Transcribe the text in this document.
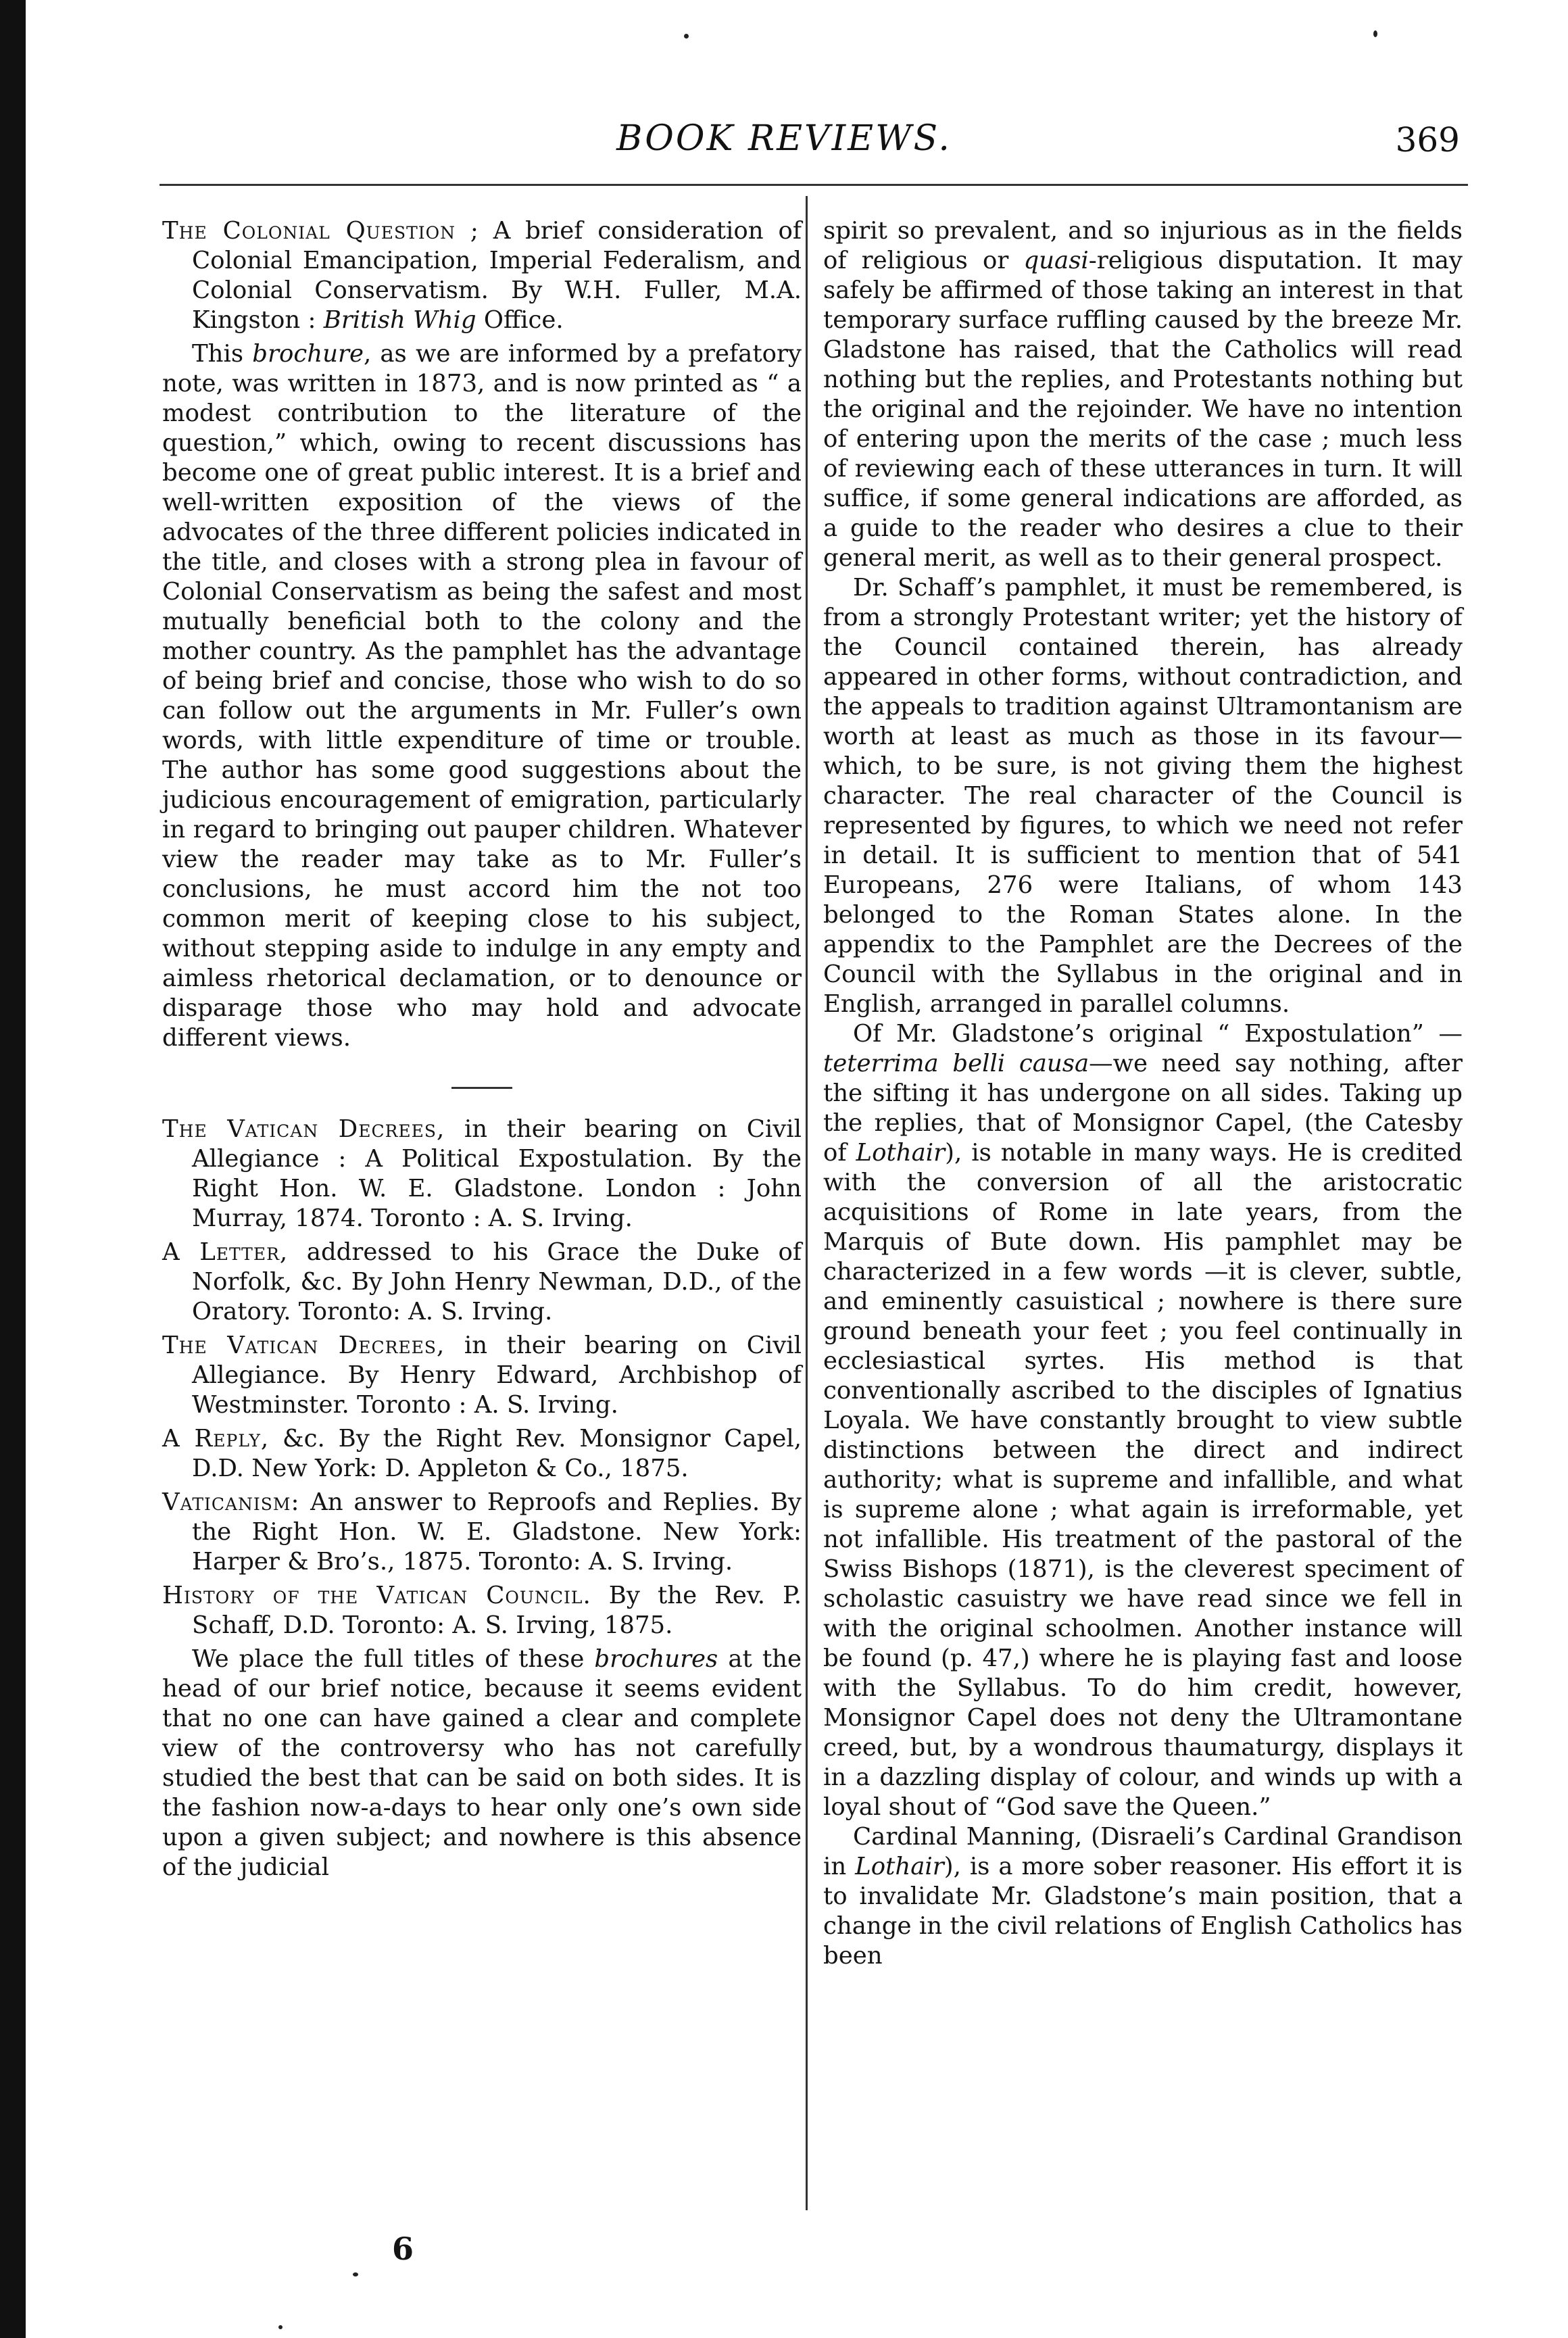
BOOK REVIEWS.	369
The Colonial Question ; A brief consideration of Colonial Emancipation, Imperial Federalism, and Colonial Conservatism. By W.H. Fuller, M.A. Kingston : British Whig Office.

This brochure, as we are informed by a prefatory note, was written in 1873, and is now printed as “ a modest contribution to the literature of the question,” which, owing to recent discussions has become one of great public interest. It is a brief and well-written exposition of the views of the advocates of the three different policies indicated in the title, and closes with a strong plea in favour of Colonial Conservatism as being the safest and most mutually beneficial both to the colony and the mother country. As the pamphlet has the advantage of being brief and concise, those who wish to do so can follow out the arguments in Mr. Fuller’s own words, with little expenditure of time or trouble. The author has some good suggestions about the judicious encouragement of emigration, particularly in regard to bringing out pauper children. Whatever view the reader may take as to Mr. Fuller’s conclusions, he must accord him the not too common merit of keeping close to his subject, without stepping aside to indulge in any empty and aimless rhetorical declamation, or to denounce or disparage those who may hold and advocate different views.

The Vatican Decrees, in their bearing on Civil Allegiance : A Political Expostulation. By the Right Hon. W. E. Gladstone. London : John Murray, 1874. Toronto : A. S. Irving.
A Letter, addressed to his Grace the Duke of Norfolk, &c. By John Henry Newman, D.D., of the Oratory. Toronto: A. S. Irving.
The Vatican Decrees, in their bearing on Civil Allegiance. By Henry Edward, Archbishop of Westminster. Toronto : A. S. Irving.
A Reply, &c. By the Right Rev. Monsignor Capel, D.D. New York: D. Appleton & Co., 1875.
Vaticanism: An answer to Reproofs and Replies. By the Right Hon. W. E. Gladstone. New York: Harper & Bro’s., 1875. Toronto: A. S. Irving.
History of the Vatican Council. By the Rev. P. Schaff, D.D. Toronto: A. S. Irving, 1875.

We place the full titles of these brochures at the head of our brief notice, because it seems evident that no one can have gained a clear and complete view of the controversy who has not carefully studied the best that can be said on both sides. It is the fashion now-a-days to hear only one’s own side upon a given subject; and nowhere is this absence of the judicial

spirit so prevalent, and so injurious as in the fields of religious or quasi-religious disputation. It may safely be affirmed of those taking an interest in that temporary surface ruffling caused by the breeze Mr. Gladstone has raised, that the Catholics will read nothing but the replies, and Protestants nothing but the original and the rejoinder. We have no intention of entering upon the merits of the case ; much less of reviewing each of these utterances in turn. It will suffice, if some general indications are afforded, as a guide to the reader who desires a clue to their general merit, as well as to their general prospect.

Dr. Schaff’s pamphlet, it must be remembered, is from a strongly Protestant writer; yet the history of the Council contained therein, has already appeared in other forms, without contradiction, and the appeals to tradition against Ultramontanism are worth at least as much as those in its favour—which, to be sure, is not giving them the highest character. The real character of the Council is represented by figures, to which we need not refer in detail. It is sufficient to mention that of 541 Europeans, 276 were Italians, of whom 143 belonged to the Roman States alone. In the appendix to the Pamphlet are the Decrees of the Council with the Syllabus in the original and in English, arranged in parallel columns.

Of Mr. Gladstone’s original “ Expostulation” —teterrima belli causa—we need say nothing, after the sifting it has undergone on all sides. Taking up the replies, that of Monsignor Capel, (the Catesby of Lothair), is notable in many ways. He is credited with the conversion of all the aristocratic acquisitions of Rome in late years, from the Marquis of Bute down. His pamphlet may be characterized in a few words —it is clever, subtle, and eminently casuistical ; nowhere is there sure ground beneath your feet ; you feel continually in ecclesiastical syrtes. His method is that conventionally ascribed to the disciples of Ignatius Loyala. We have constantly brought to view subtle distinctions between the direct and indirect authority; what is supreme and infallible, and what is supreme alone ; what again is irreformable, yet not infallible. His treatment of the pastoral of the Swiss Bishops (1871), is the cleverest speciment of scholastic casuistry we have read since we fell in with the original schoolmen. Another instance will be found (p. 47,) where he is playing fast and loose with the Syllabus. To do him credit, however, Monsignor Capel does not deny the Ultramontane creed, but, by a wondrous thaumaturgy, displays it in a dazzling display of colour, and winds up with a loyal shout of “God save the Queen.”

Cardinal Manning, (Disraeli’s Cardinal Grandison in Lothair), is a more sober reasoner. His effort it is to invalidate Mr. Gladstone’s main position, that a change in the civil relations of English Catholics has been

6
